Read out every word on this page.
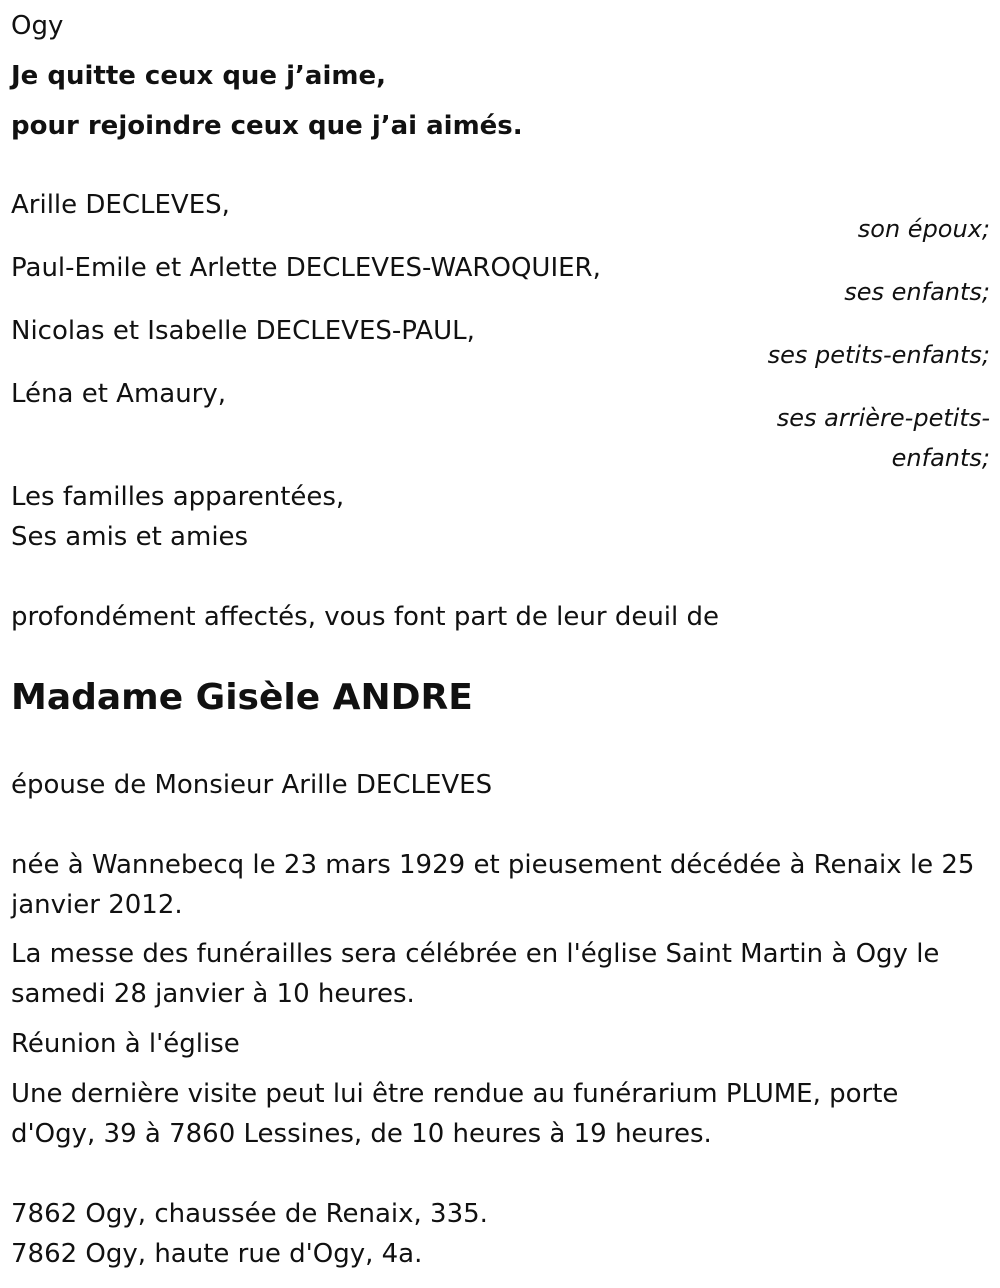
Ogy

Je quitte ceux que j’aime,

pour rejoindre ceux que j’ai aimés.

Arille DECLEVES,

son époux;

Paul-Emile et Arlette DECLEVES-WAROQUIER,

ses enfants;

Nicolas et Isabelle DECLEVES-PAUL,

ses petits-enfants;

Léna et Amaury,

ses arrière-petits-enfants;

Les familles apparentées,

Ses amis et amies

profondément affectés, vous font part de leur deuil de

Madame Gisèle ANDRE

épouse de Monsieur Arille DECLEVES

née à Wannebecq le 23 mars 1929 et pieusement décédée à Renaix le 25 janvier 2012.

La messe des funérailles sera célébrée en l'église Saint Martin à Ogy le samedi 28 janvier à 10 heures.

Réunion à l'église

Une dernière visite peut lui être rendue au funérarium PLUME, porte d'Ogy, 39 à 7860 Lessines, de 10 heures à 19 heures.

7862 Ogy, chaussée de Renaix, 335.

7862 Ogy, haute rue d'Ogy, 4a.
